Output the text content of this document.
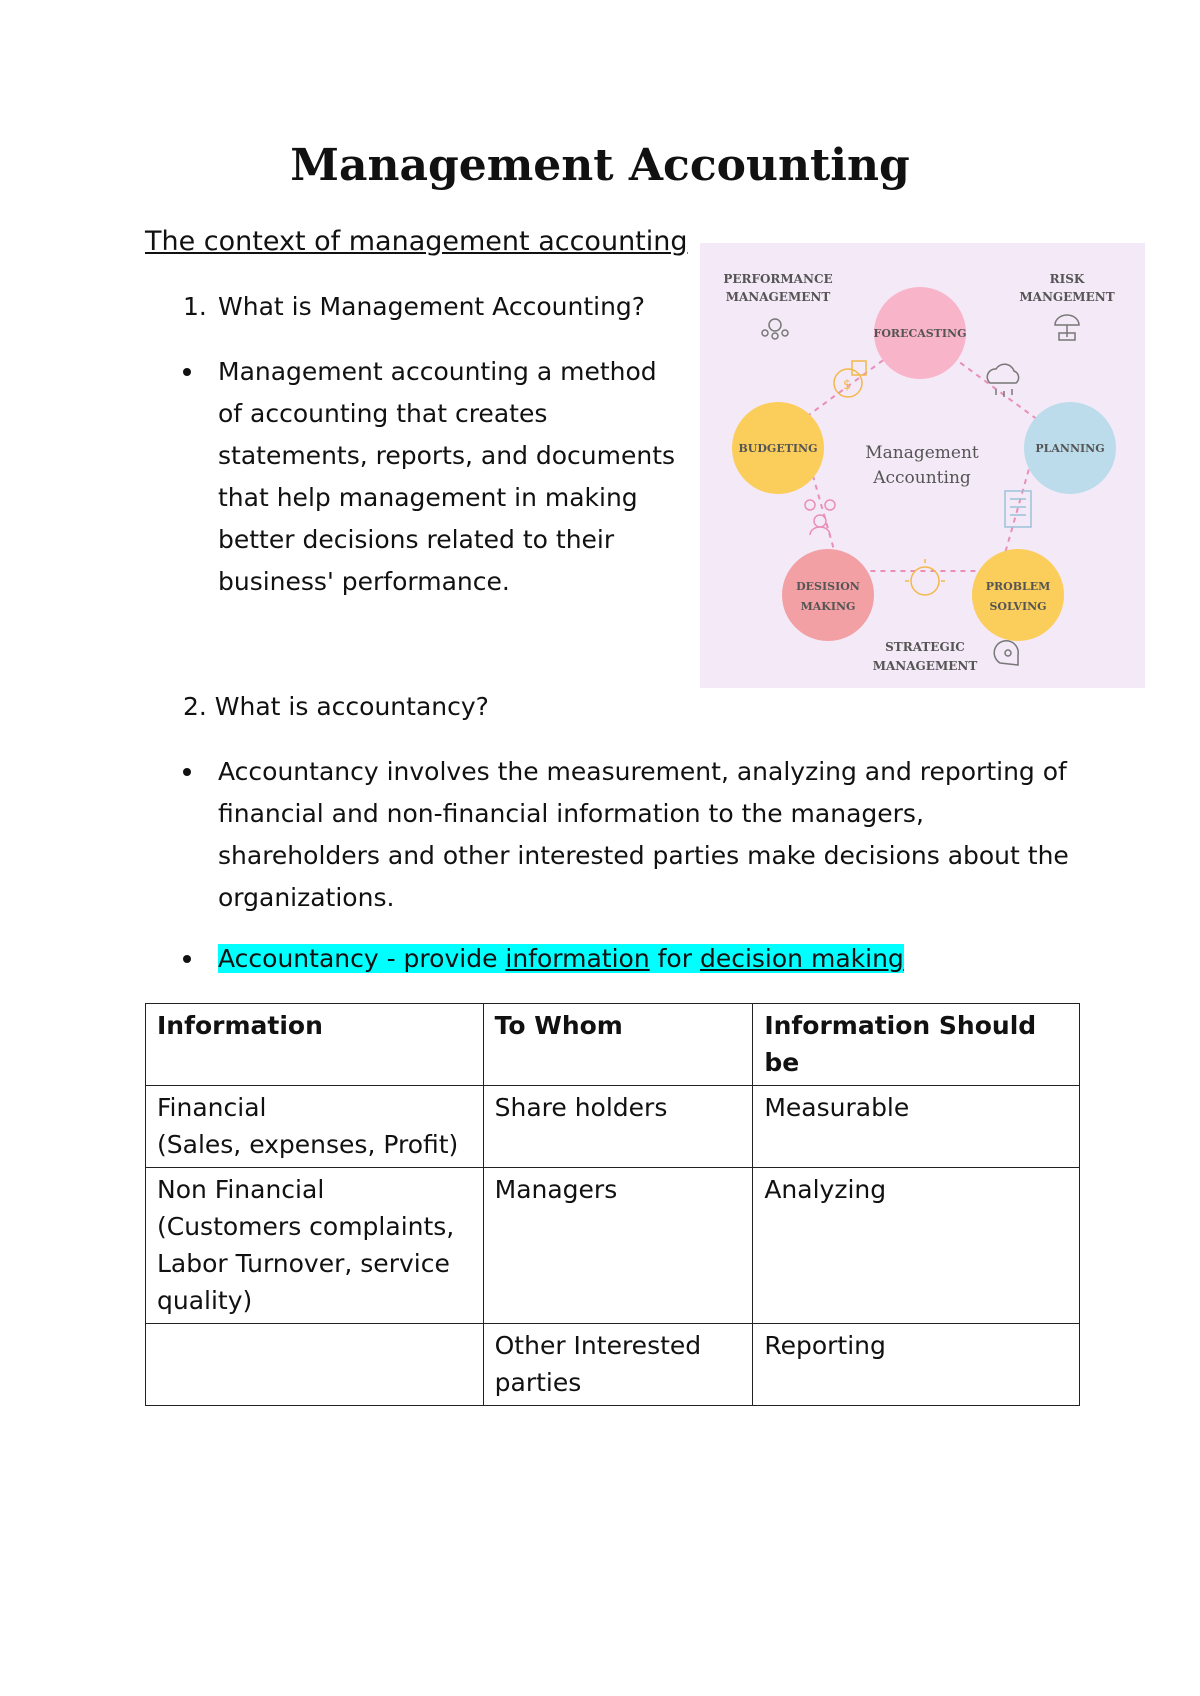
Management Accounting
The context of management accounting
1. What is Management Accounting?
Management accounting a method
of accounting that creates
statements, reports, and documents
that help management in making
better decisions related to their
business' performance.
$
PERFORMANCE
MANAGEMENT
RISK
MANGEMENT
FORECASTING
BUDGETING	PLANNING
DESISION
MAKING
PROBLEM
SOLVING
STRATEGIC
MANAGEMENT
Management
Accounting
2. What is accountancy?
Accountancy involves the measurement, analyzing and reporting of
financial and non-financial information to the managers,
shareholders and other interested parties make decisions about the
organizations.
Accountancy - provide information for decision making
Information	To Whom	Information Should be

Financial
(Sales, expenses, Profit)	Share holders	Measurable

Non Financial
(Customers complaints,
Labor Turnover, service
quality)	Managers	Analyzing

	Other Interested
parties	Reporting
